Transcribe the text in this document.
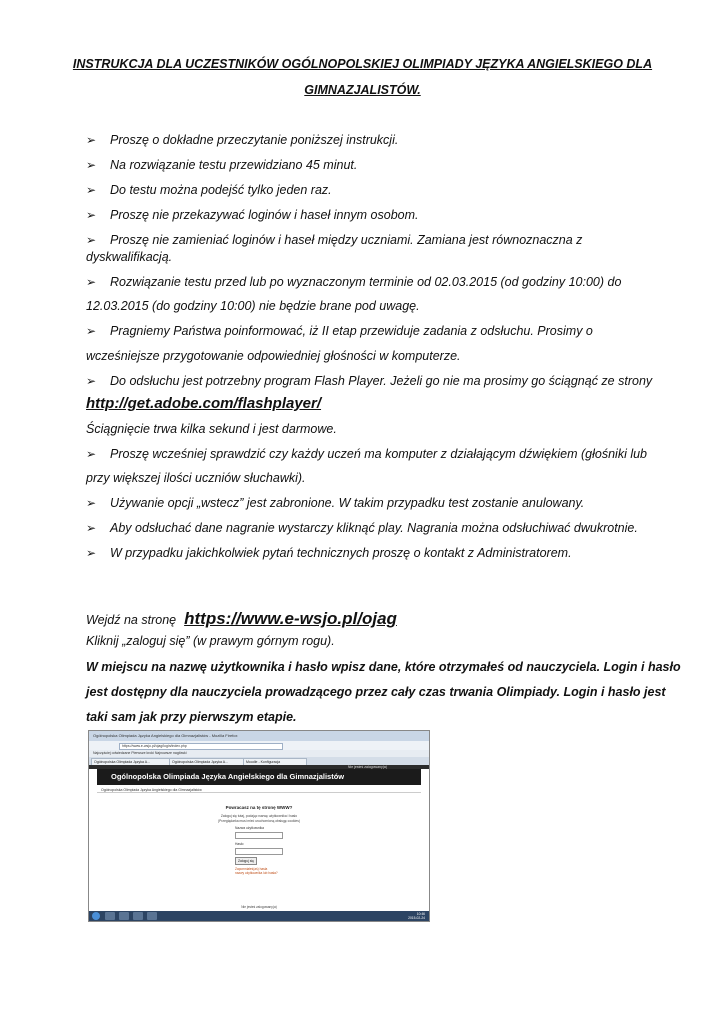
INSTRUKCJA DLA UCZESTNIKÓW OGÓLNOPOLSKIEJ OLIMPIADY JĘZYKA ANGIELSKIEGO DLA
GIMNAZJALISTÓW.
➢ Proszę o dokładne przeczytanie poniższej instrukcji.
➢ Na rozwiązanie testu przewidziano 45 minut.
➢ Do testu można podejść tylko jeden raz.
➢ Proszę nie przekazywać loginów i haseł innym osobom.
➢ Proszę nie zamieniać loginów i haseł między uczniami. Zamiana jest równoznaczna z
dyskwalifikacją.
➢ Rozwiązanie testu przed lub po wyznaczonym terminie od 02.03.2015 (od godziny 10:00) do
12.03.2015 (do godziny 10:00) nie będzie brane pod uwagę.
➢ Pragniemy Państwa poinformować, iż II etap przewiduje zadania z odsłuchu. Prosimy o
wcześniejsze przygotowanie odpowiedniej głośności w komputerze.
➢ Do odsłuchu jest potrzebny program Flash Player. Jeżeli go nie ma prosimy go ściągnąć ze strony
http://get.adobe.com/flashplayer/
Ściągnięcie trwa kilka sekund i jest darmowe.
➢ Proszę wcześniej sprawdzić czy każdy uczeń ma komputer z działającym dźwiękiem (głośniki lub
przy większej ilości uczniów słuchawki).
➢ Używanie opcji „wstecz” jest zabronione. W takim przypadku test zostanie anulowany.
➢ Aby odsłuchać dane nagranie wystarczy kliknąć play. Nagrania można odsłuchiwać dwukrotnie.
➢ W przypadku jakichkolwiek pytań technicznych proszę o kontakt z Administratorem.
Wejdź na stronę https://www.e-wsjo.pl/ojag
Kliknij „zaloguj się” (w prawym górnym rogu).
W miejscu na nazwę użytkownika i hasło wpisz dane, które otrzymałeś od nauczyciela. Login i hasło
jest dostępny dla nauczyciela prowadzącego przez cały czas trwania Olimpiady. Login i hasło jest
taki sam jak przy pierwszym etapie.
Ogólnopolska Olimpiada Języka Angielskiego dla Gimnazjalistów - Mozilla Firefox
https://www.e-wsjo.pl/ojag/login/index.php
Najczęściej odwiedzane Pierwsze kroki Najnowsze nagłówki
Ogólnopolska Olimpiada Języka A...	Ogólnopolska Olimpiada Języka A...	Moodle - Konfiguracja
Nie jesteś zalogowany(a)
Ogólnopolska Olimpiada Języka Angielskiego dla Gimnazjalistów
Ogólnopolska Olimpiada Języka Angielskiego dla Gimnazjalistów
Powracasz na tę stronę WWW?
Zaloguj się tutaj, podając nazwę użytkownika i hasło
(Przeglądarka musi mieć uruchomioną obsługę cookies)
Nazwa użytkownika
Hasło
Zaloguj się
Zapomniałeś(aś) hasła
nazwy użytkownika lub hasła?
Nie jesteś zalogowany(a)
10:46
2015-02-24
